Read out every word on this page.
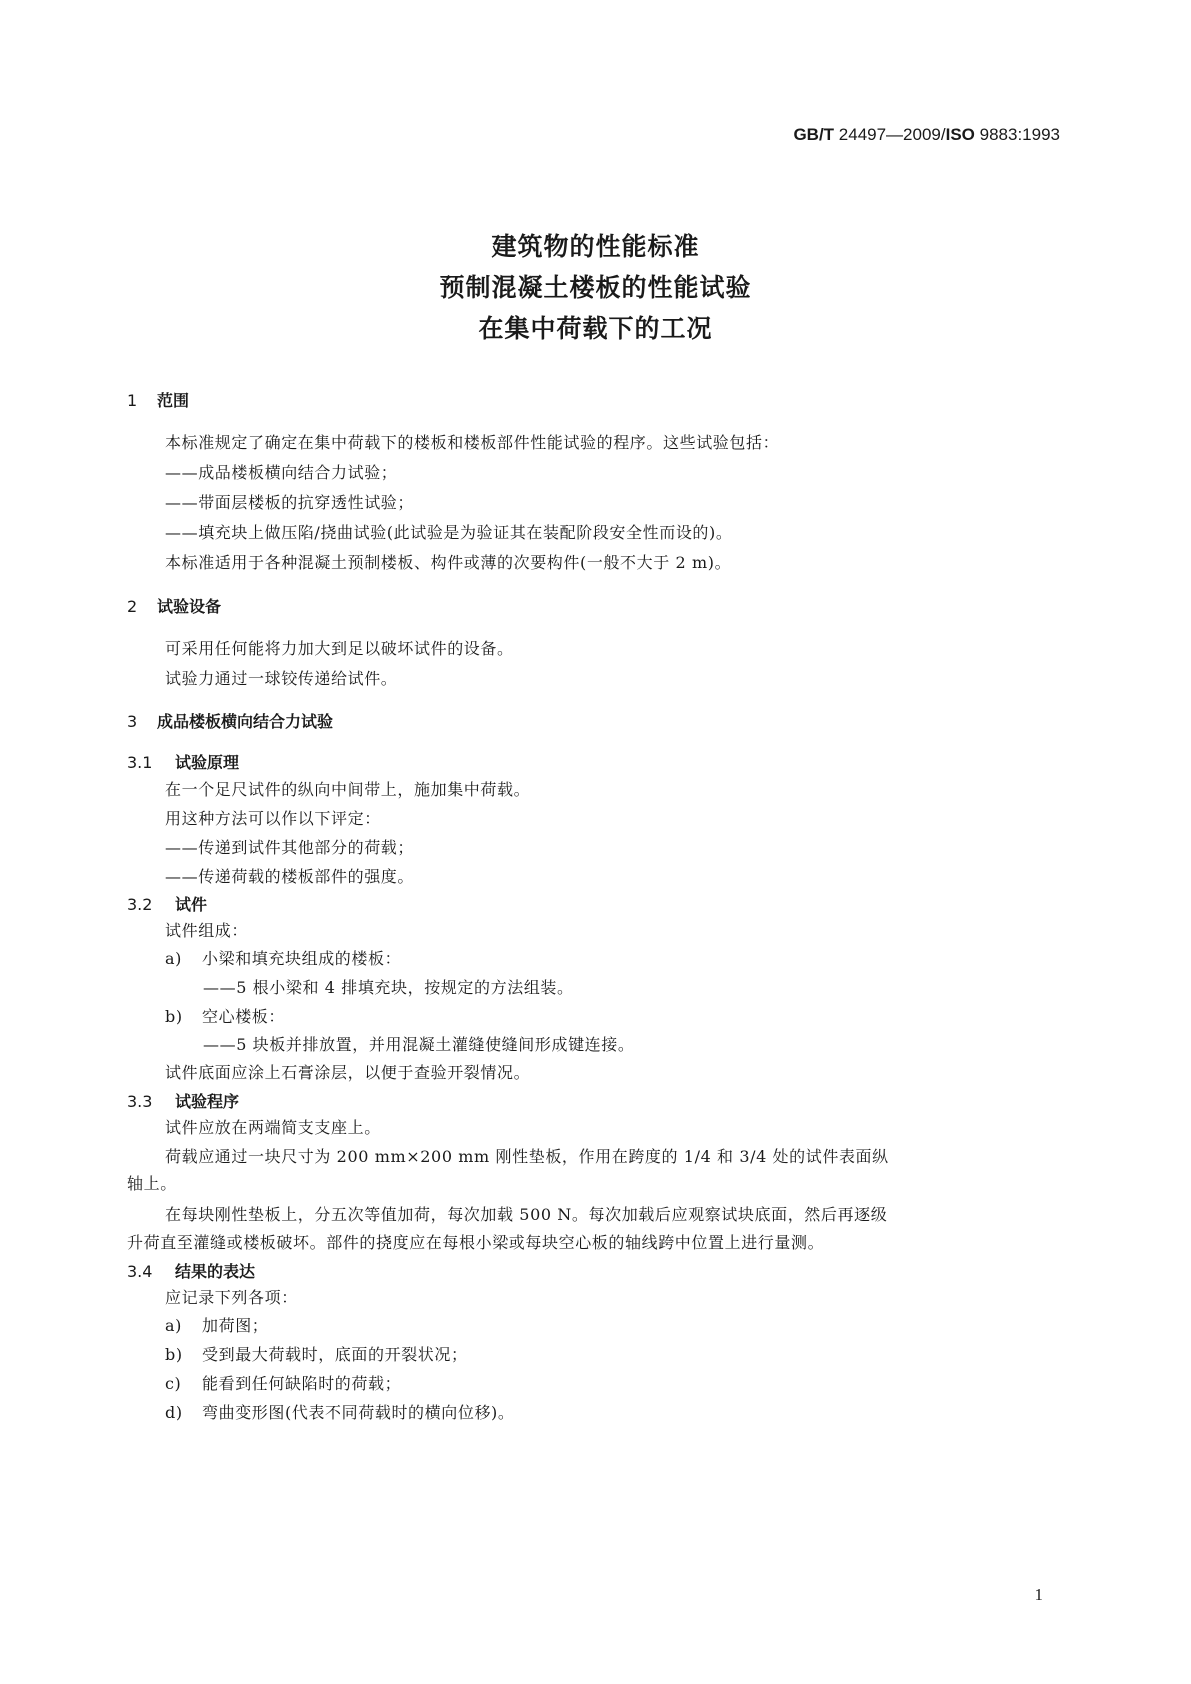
GB/T 24497—2009/ISO 9883:1993
建筑物的性能标准
预制混凝土楼板的性能试验
在集中荷载下的工况
1 范围
本标准规定了确定在集中荷载下的楼板和楼板部件性能试验的程序。这些试验包括：
——成品楼板横向结合力试验；
——带面层楼板的抗穿透性试验；
——填充块上做压陷/挠曲试验(此试验是为验证其在装配阶段安全性而设的)。
本标准适用于各种混凝土预制楼板、构件或薄的次要构件(一般不大于 2 m)。
2 试验设备
可采用任何能将力加大到足以破坏试件的设备。
试验力通过一球铰传递给试件。
3 成品楼板横向结合力试验
3.1 试验原理
在一个足尺试件的纵向中间带上，施加集中荷载。
用这种方法可以作以下评定：
——传递到试件其他部分的荷载；
——传递荷载的楼板部件的强度。
3.2 试件
试件组成：
a) 小梁和填充块组成的楼板：
——5 根小梁和 4 排填充块，按规定的方法组装。
b) 空心楼板：
——5 块板并排放置，并用混凝土灌缝使缝间形成键连接。
试件底面应涂上石膏涂层，以便于查验开裂情况。
3.3 试验程序
试件应放在两端简支支座上。
荷载应通过一块尺寸为 200 mm×200 mm 刚性垫板，作用在跨度的 1/4 和 3/4 处的试件表面纵
轴上。
在每块刚性垫板上，分五次等值加荷，每次加载 500 N。每次加载后应观察试块底面，然后再逐级
升荷直至灌缝或楼板破坏。部件的挠度应在每根小梁或每块空心板的轴线跨中位置上进行量测。
3.4 结果的表达
应记录下列各项：
a) 加荷图；
b) 受到最大荷载时，底面的开裂状况；
c) 能看到任何缺陷时的荷载；
d) 弯曲变形图(代表不同荷载时的横向位移)。
1
